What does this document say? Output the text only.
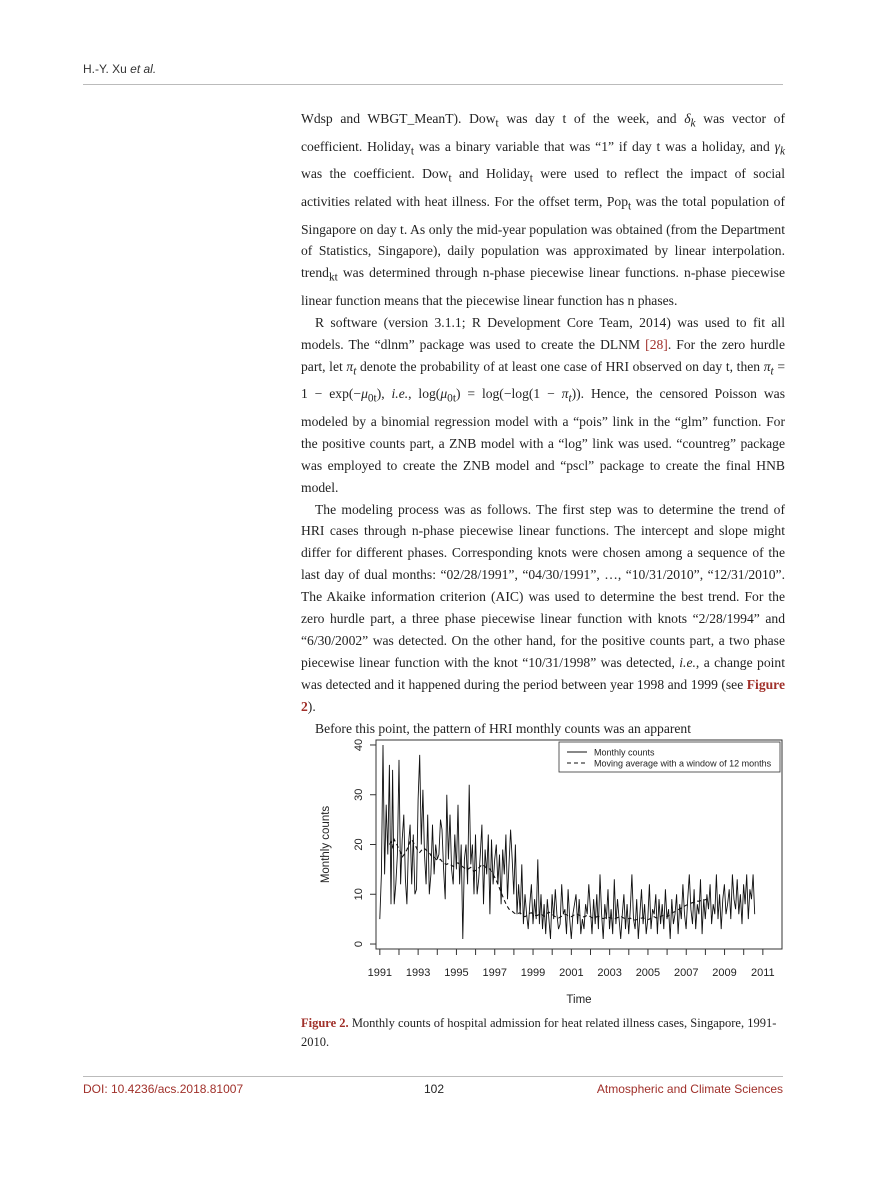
H.-Y. Xu et al.

Wdsp and WBGT_MeanT). Dow$_t$ was day t of the week, and $\delta_k$ was vector of coefficient. Holiday$_t$ was a binary variable that was “1” if day t was a holiday, and $\gamma_k$ was the coefficient. Dow$_t$ and Holiday$_t$ were used to reflect the impact of social activities related with heat illness. For the offset term, Pop$_t$ was the total population of Singapore on day t. As only the mid-year population was obtained (from the Department of Statistics, Singapore), daily population was approximated by linear interpolation. trend$_{kt}$ was determined through n-phase piecewise linear functions. n-phase piecewise linear function means that the piecewise linear function has n phases.

R software (version 3.1.1; R Development Core Team, 2014) was used to fit all models. The “dlnm” package was used to create the DLNM [28]. For the zero hurdle part, let $\pi_t$ denote the probability of at least one case of HRI observed on day t, then $\pi_t = 1 - \exp(-\mu_{0t})$, i.e., $\log(\mu_{0t}) = \log(-\log(1 - \pi_t))$. Hence, the censored Poisson was modeled by a binomial regression model with a “pois” link in the “glm” function. For the positive counts part, a ZNB model with a “log” link was used. “countreg” package was employed to create the ZNB model and “pscl” package to create the final HNB model.

The modeling process was as follows. The first step was to determine the trend of HRI cases through n-phase piecewise linear functions. The intercept and slope might differ for different phases. Corresponding knots were chosen among a sequence of the last day of dual months: “02/28/1991”, “04/30/1991”, …, “10/31/2010”, “12/31/2010”. The Akaike information criterion (AIC) was used to determine the best trend. For the zero hurdle part, a three phase piecewise linear function with knots “2/28/1994” and “6/30/2002” was detected. On the other hand, for the positive counts part, a two phase piecewise linear function with the knot “10/31/1998” was detected, i.e., a change point was detected and it happened during the period between year 1998 and 1999 (see Figure 2).

Before this point, the pattern of HRI monthly counts was an apparent

0
10
20
30
40
1991 1993 1995 1997 1999 2001 2003 2005 2007 2009 2011
Time
Monthly counts
Monthly counts
Moving average with a window of 12 months
Figure 2. Monthly counts of hospital admission for heat related illness cases, Singapore, 1991-2010.
DOI: 10.4236/acs.2018.81007	102	Atmospheric and Climate Sciences
